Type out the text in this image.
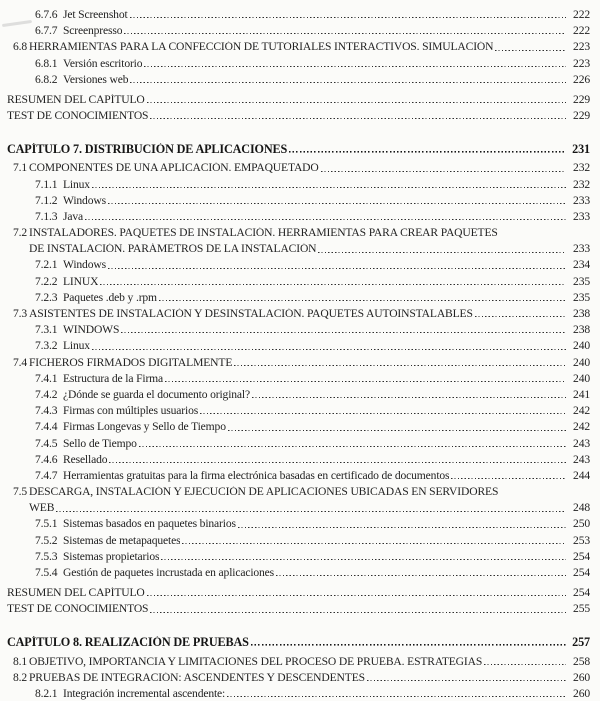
6.7.6 Jet Screenshot	222
6.7.7 Screenpresso	222
6.8 HERRAMIENTAS PARA LA CONFECCIÓN DE TUTORIALES INTERACTIVOS. SIMULACIÓN	223
6.8.1 Versión escritorio	223
6.8.2 Versiones web	226
RESUMEN DEL CAPÍTULO	229
TEST DE CONOCIMIENTOS	229
CAPÍTULO 7. DISTRIBUCIÓN DE APLICACIONES	231
7.1 COMPONENTES DE UNA APLICACIÓN. EMPAQUETADO	232
7.1.1 Linux	232
7.1.2 Windows	233
7.1.3 Java	233
7.2 INSTALADORES. PAQUETES DE INSTALACIÓN. HERRAMIENTAS PARA CREAR PAQUETES
DE INSTALACIÓN. PARÁMETROS DE LA INSTALACIÓN	233
7.2.1 Windows	234
7.2.2 LINUX	235
7.2.3 Paquetes .deb y .rpm	235
7.3 ASISTENTES DE INSTALACIÓN Y DESINSTALACIÓN. PAQUETES AUTOINSTALABLES	238
7.3.1 WINDOWS	238
7.3.2 Linux	240
7.4 FICHEROS FIRMADOS DIGITALMENTE	240
7.4.1 Estructura de la Firma	240
7.4.2 ¿Dónde se guarda el documento original?	241
7.4.3 Firmas con múltiples usuarios	242
7.4.4 Firmas Longevas y Sello de Tiempo	242
7.4.5 Sello de Tiempo	243
7.4.6 Resellado	243
7.4.7 Herramientas gratuitas para la firma electrónica basadas en certificado de documentos	244
7.5 DESCARGA, INSTALACIÓN Y EJECUCIÓN DE APLICACIONES UBICADAS EN SERVIDORES
WEB	248
7.5.1 Sistemas basados en paquetes binarios	250
7.5.2 Sistemas de metapaquetes	253
7.5.3 Sistemas propietarios	254
7.5.4 Gestión de paquetes incrustada en aplicaciones	254
RESUMEN DEL CAPÍTULO	254
TEST DE CONOCIMIENTOS	255
CAPÍTULO 8. REALIZACIÓN DE PRUEBAS	257
8.1 OBJETIVO, IMPORTANCIA Y LIMITACIONES DEL PROCESO DE PRUEBA. ESTRATEGIAS	258
8.2 PRUEBAS DE INTEGRACIÓN: ASCENDENTES Y DESCENDENTES	260
8.2.1 Integración incremental ascendente:	260
